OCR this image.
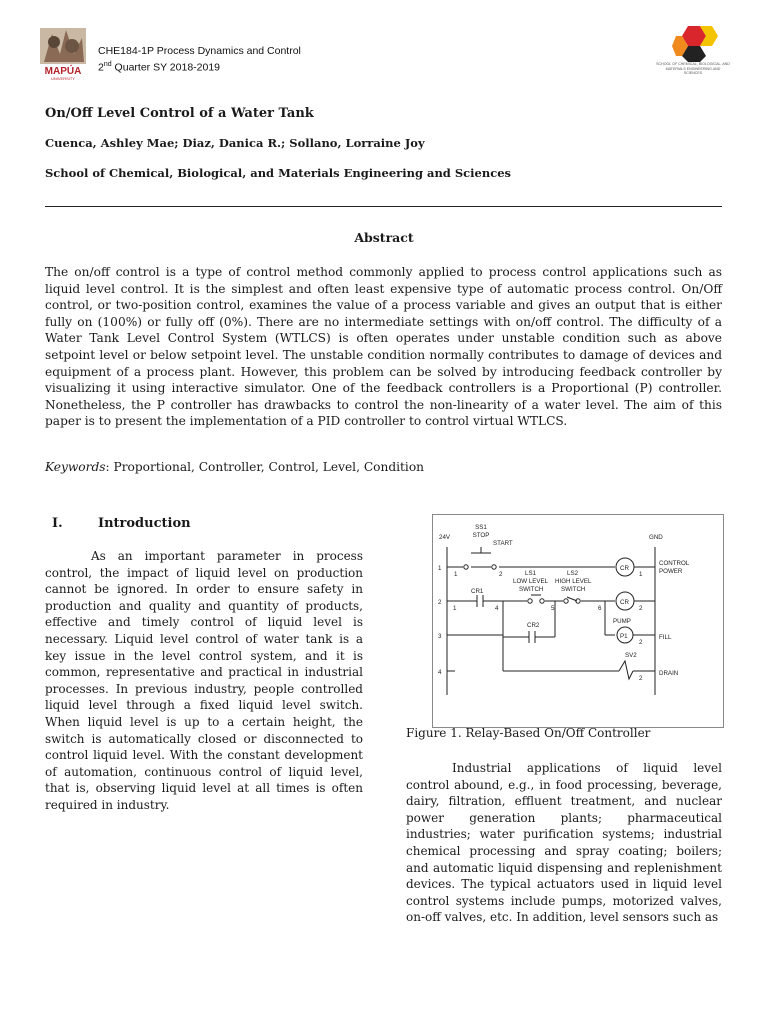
MAPÚA
UNIVERSITY
CHE184-1P Process Dynamics and Control
2nd Quarter SY 2018-2019	SCHOOL OF CHEMICAL, BIOLOGICAL, AND MATERIALS ENGINEERING AND SCIENCES
On/Off Level Control of a Water Tank
Cuenca, Ashley Mae; Diaz, Danica R.; Sollano, Lorraine Joy
School of Chemical, Biological, and Materials Engineering and Sciences
Abstract
The on/off control is a type of control method commonly applied to process control applications such as liquid level control. It is the simplest and often least expensive type of automatic process control. On/Off control, or two-position control, examines the value of a process variable and gives an output that is either fully on (100%) or fully off (0%). There are no intermediate settings with on/off control. The difficulty of a Water Tank Level Control System (WTLCS) is often operates under unstable condition such as above setpoint level or below setpoint level. The unstable condition normally contributes to damage of devices and equipment of a process plant. However, this problem can be solved by introducing feedback controller by visualizing it using interactive simulator. One of the feedback controllers is a Proportional (P) controller. Nonetheless, the P controller has drawbacks to control the non-linearity of a water level. The aim of this paper is to present the implementation of a PID controller to control virtual WTLCS.
Keywords: Proportional, Controller, Control, Level, Condition
I.	Introduction
As an important parameter in process control, the impact of liquid level on production cannot be ignored. In order to ensure safety in production and quality and quantity of products, effective and timely control of liquid level is necessary. Liquid level control of water tank is a key issue in the level control system, and it is common, representative and practical in industrial processes. In previous industry, people controlled liquid level through a fixed liquid level switch. When liquid level is up to a certain height, the switch is automatically closed or disconnected to control liquid level. With the constant development of automation, continuous control of liquid level, that is, observing liquid level at all times is often required in industry.
SS1
STOP
START
24V	GND
1
2
3
4
1	2	1
1	4	5	6	2
2
2
CR1
LS1
LOW LEVEL
SWITCH
LS2
HIGH LEVEL
SWITCH
CR2
CR
CR
CONTROL
POWER
PUMP
P1	FILL
SV2
DRAIN
Figure 1. Relay-Based On/Off Controller
Industrial applications of liquid level control abound, e.g., in food processing, beverage, dairy, filtration, effluent treatment, and nuclear power generation plants; pharmaceutical industries; water purification systems; industrial chemical processing and spray coating; boilers; and automatic liquid dispensing and replenishment devices. The typical actuators used in liquid level control systems include pumps, motorized valves, on-off valves, etc. In addition, level sensors such as
